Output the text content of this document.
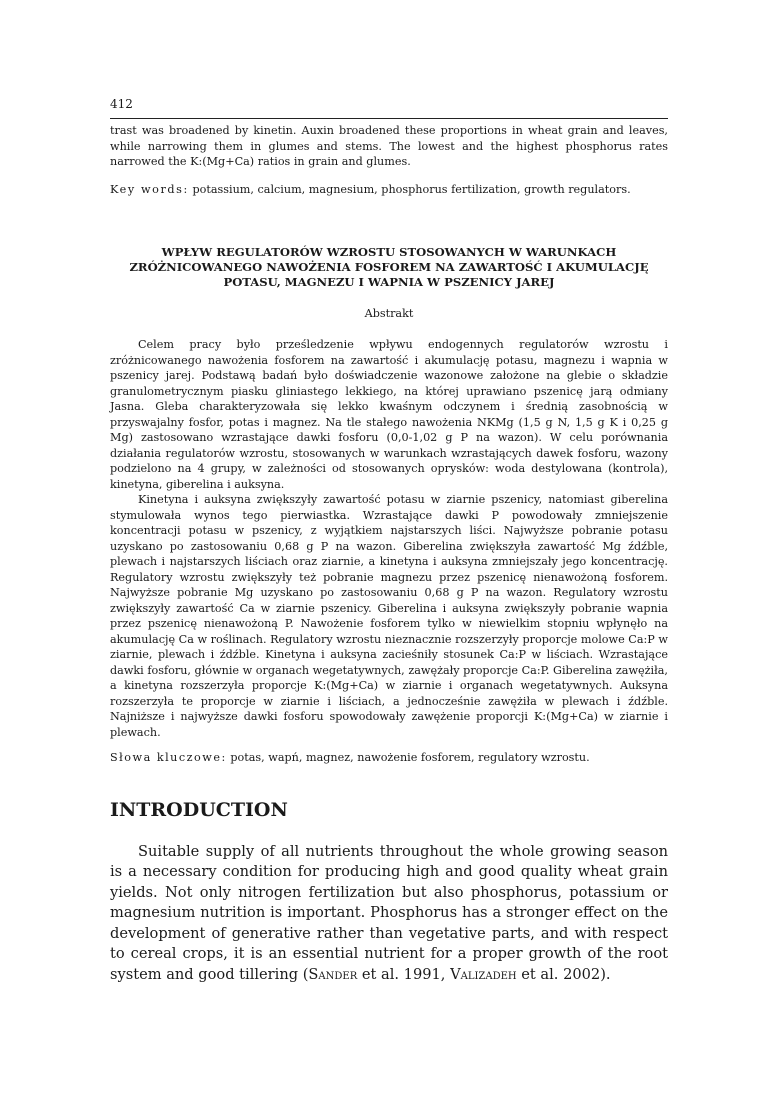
412

trast was broadened by kinetin. Auxin broadened these proportions in wheat grain and leaves, while narrowing them in glumes and stems. The lowest and the highest phosphorus rates narrowed the K:(Mg+Ca) ratios in grain and glumes.

Key words: potassium, calcium, magnesium, phosphorus fertilization, growth regulators.

WPŁYW REGULATORÓW WZROSTU STOSOWANYCH W WARUNKACH ZRÓŻNICOWANEGO NAWOŻENIA FOSFOREM NA ZAWARTOŚĆ I AKUMULACJĘ POTASU, MAGNEZU I WAPNIA W PSZENICY JAREJ
Abstrakt

Celem pracy było prześledzenie wpływu endogennych regulatorów wzrostu i zróżnicowanego nawożenia fosforem na zawartość i akumulację potasu, magnezu i wapnia w pszenicy jarej. Podstawą badań było doświadczenie wazonowe założone na glebie o składzie granulometrycznym piasku gliniastego lekkiego, na której uprawiano pszenicę jarą odmiany Jasna. Gleba charakteryzowała się lekko kwaśnym odczynem i średnią zasobnością w przyswajalny fosfor, potas i magnez. Na tle stałego nawożenia NKMg (1,5 g N, 1,5 g K i 0,25 g Mg) zastosowano wzrastające dawki fosforu (0,0-1,02 g P na wazon). W celu porównania działania regulatorów wzrostu, stosowanych w warunkach wzrastających dawek fosforu, wazony podzielono na 4 grupy, w zależności od stosowanych oprysków: woda destylowana (kontrola), kinetyna, giberelina i auksyna.

Kinetyna i auksyna zwiększyły zawartość potasu w ziarnie pszenicy, natomiast giberelina stymulowała wynos tego pierwiastka. Wzrastające dawki P powodowały zmniejszenie koncentracji potasu w pszenicy, z wyjątkiem najstarszych liści. Najwyższe pobranie potasu uzyskano po zastosowaniu 0,68 g P na wazon. Giberelina zwiększyła zawartość Mg źdźble, plewach i najstarszych liściach oraz ziarnie, a kinetyna i auksyna zmniejszały jego koncentrację. Regulatory wzrostu zwiększyły też pobranie magnezu przez pszenicę nienawożoną fosforem. Najwyższe pobranie Mg uzyskano po zastosowaniu 0,68 g P na wazon. Regulatory wzrostu zwiększyły zawartość Ca w ziarnie pszenicy. Giberelina i auksyna zwiększyły pobranie wapnia przez pszenicę nienawożoną P. Nawożenie fosforem tylko w niewielkim stopniu wpłynęło na akumulację Ca w roślinach. Regulatory wzrostu nieznacznie rozszerzyły proporcje molowe Ca:P w ziarnie, plewach i źdźble. Kinetyna i auksyna zacieśniły stosunek Ca:P w liściach. Wzrastające dawki fosforu, głównie w organach wegetatywnych, zawężały proporcje Ca:P. Giberelina zawężiła, a kinetyna rozszerzyła proporcje K:(Mg+Ca) w ziarnie i organach wegetatywnych. Auksyna rozszerzyła te proporcje w ziarnie i liściach, a jednocześnie zawężiła w plewach i źdźble. Najniższe i najwyższe dawki fosforu spowodowały zawężenie proporcji K:(Mg+Ca) w ziarnie i plewach.

Słowa kluczowe: potas, wapń, magnez, nawożenie fosforem, regulatory wzrostu.

INTRODUCTION

Suitable supply of all nutrients throughout the whole growing season is a necessary condition for producing high and good quality wheat grain yields. Not only nitrogen fertilization but also phosphorus, potassium or magnesium nutrition is important. Phosphorus has a stronger effect on the development of generative rather than vegetative parts, and with respect to cereal crops, it is an essential nutrient for a proper growth of the root system and good tillering (Sander et al. 1991, Valizadeh et al. 2002).
